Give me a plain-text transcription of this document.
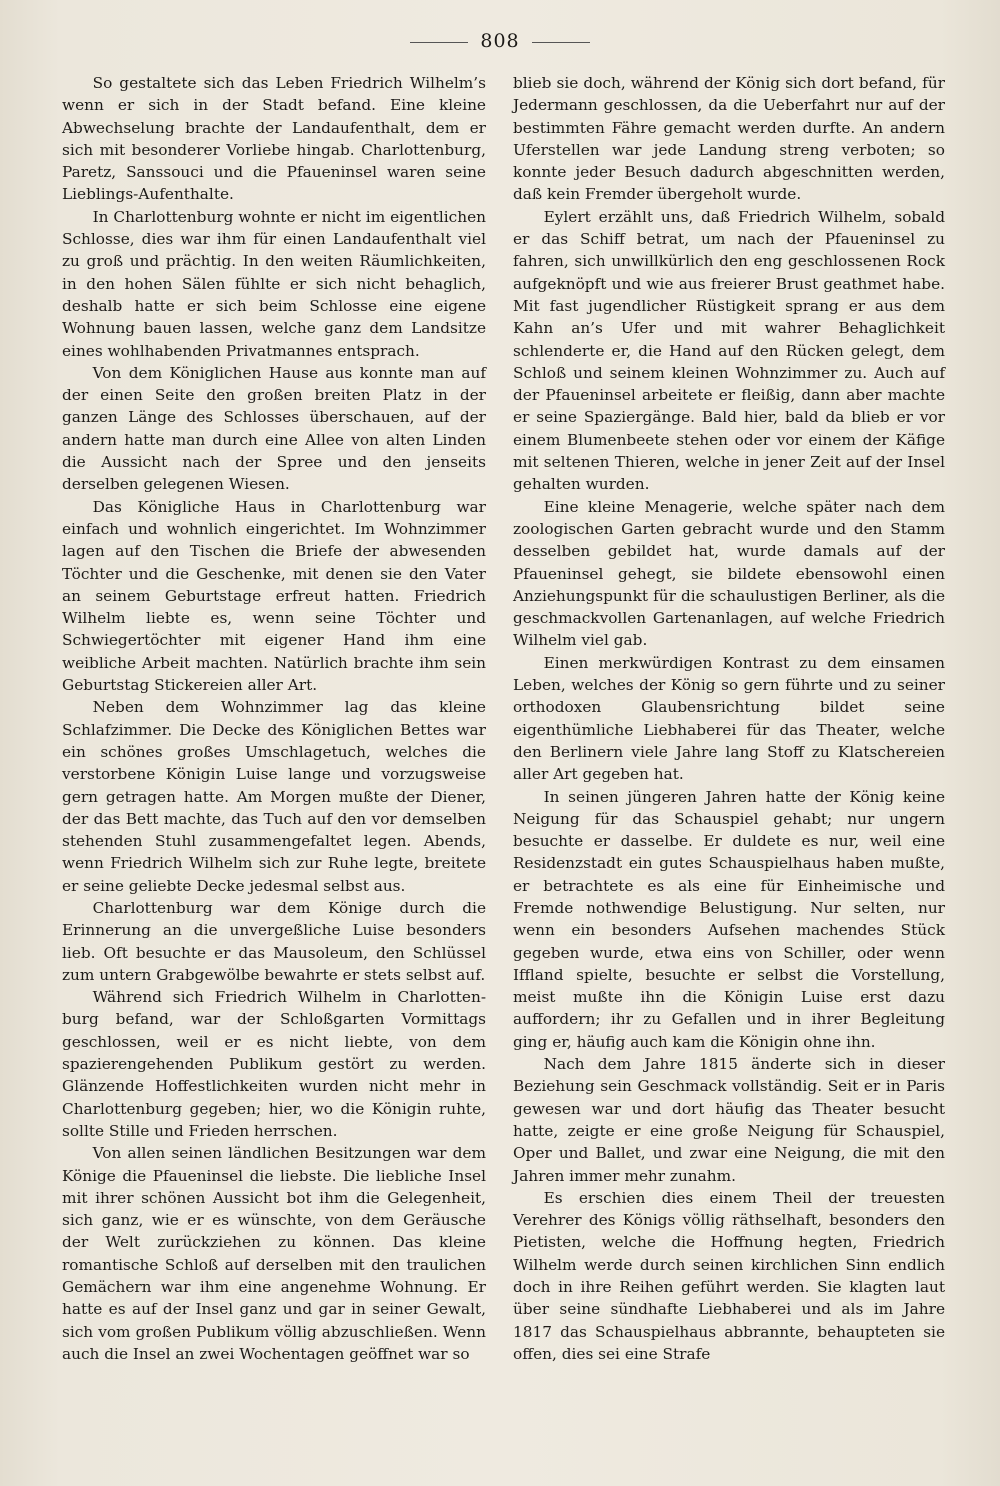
808

So gestaltete sich das Leben Friedrich Wilhelm’s wenn er sich in der Stadt befand. Eine kleine Abwechselung brachte der Landaufenthalt, dem er sich mit besonderer Vorliebe hingab. Charlottenburg, Paretz, Sanssouci und die Pfaueninsel waren seine Lieblings-Aufenthalte.

In Charlottenburg wohnte er nicht im eigentlichen Schlosse, dies war ihm für einen Landaufenthalt viel zu groß und prächtig. In den weiten Räumlichkeiten, in den hohen Sälen fühlte er sich nicht behaglich, deshalb hatte er sich beim Schlosse eine eigene Wohnung bauen lassen, welche ganz dem Landsitze eines wohlhabenden Privatmannes entsprach.

Von dem Königlichen Hause aus konnte man auf der einen Seite den großen breiten Platz in der ganzen Länge des Schlosses überschauen, auf der andern hatte man durch eine Allee von alten Linden die Aussicht nach der Spree und den jenseits derselben gelegenen Wiesen.

Das Königliche Haus in Charlottenburg war einfach und wohnlich eingerichtet. Im Wohnzimmer lagen auf den Tischen die Briefe der abwesenden Töchter und die Geschenke, mit denen sie den Vater an seinem Geburtstage erfreut hatten. Friedrich Wilhelm liebte es, wenn seine Töchter und Schwiegertöchter mit eigener Hand ihm eine weibliche Arbeit machten. Natürlich brachte ihm sein Geburtstag Stickereien aller Art.

Neben dem Wohnzimmer lag das kleine Schlafzimmer. Die Decke des Königlichen Bettes war ein schönes großes Umschlagetuch, welches die verstorbene Königin Luise lange und vorzugsweise gern getragen hatte. Am Morgen mußte der Diener, der das Bett machte, das Tuch auf den vor demselben stehenden Stuhl zusammengefaltet legen. Abends, wenn Friedrich Wilhelm sich zur Ruhe legte, breitete er seine geliebte Decke jedesmal selbst aus.

Charlottenburg war dem Könige durch die Erinnerung an die unvergeßliche Luise besonders lieb. Oft besuchte er das Mausoleum, den Schlüssel zum untern Grabgewölbe bewahrte er stets selbst auf.

Während sich Friedrich Wilhelm in Charlottenburg befand, war der Schloßgarten Vormittags geschlossen, weil er es nicht liebte, von dem spazierengehenden Publikum gestört zu werden. Glänzende Hoffestlichkeiten wurden nicht mehr in Charlottenburg gegeben; hier, wo die Königin ruhte, sollte Stille und Frieden herrschen.

Von allen seinen ländlichen Besitzungen war dem Könige die Pfaueninsel die liebste. Die liebliche Insel mit ihrer schönen Aussicht bot ihm die Gelegenheit, sich ganz, wie er es wünschte, von dem Geräusche der Welt zurückziehen zu können. Das kleine romantische Schloß auf derselben mit den traulichen Gemächern war ihm eine angenehme Wohnung. Er hatte es auf der Insel ganz und gar in seiner Gewalt, sich vom großen Publikum völlig abzuschließen. Wenn auch die Insel an zwei Wochentagen geöffnet war so

blieb sie doch, während der König sich dort befand, für Jedermann geschlossen, da die Ueberfahrt nur auf der bestimmten Fähre gemacht werden durfte. An andern Uferstellen war jede Landung streng verboten; so konnte jeder Besuch dadurch abgeschnitten werden, daß kein Fremder übergeholt wurde.

Eylert erzählt uns, daß Friedrich Wilhelm, sobald er das Schiff betrat, um nach der Pfaueninsel zu fahren, sich unwillkürlich den eng geschlossenen Rock aufgeknöpft und wie aus freierer Brust geathmet habe. Mit fast jugendlicher Rüstigkeit sprang er aus dem Kahn an’s Ufer und mit wahrer Behaglichkeit schlenderte er, die Hand auf den Rücken gelegt, dem Schloß und seinem kleinen Wohnzimmer zu. Auch auf der Pfaueninsel arbeitete er fleißig, dann aber machte er seine Spaziergänge. Bald hier, bald da blieb er vor einem Blumenbeete stehen oder vor einem der Käfige mit seltenen Thieren, welche in jener Zeit auf der Insel gehalten wurden.

Eine kleine Menagerie, welche später nach dem zoologischen Garten gebracht wurde und den Stamm desselben gebildet hat, wurde damals auf der Pfaueninsel gehegt, sie bildete ebensowohl einen Anziehungspunkt für die schaulustigen Berliner, als die geschmackvollen Gartenanlagen, auf welche Friedrich Wilhelm viel gab.

Einen merkwürdigen Kontrast zu dem einsamen Leben, welches der König so gern führte und zu seiner orthodoxen Glaubensrichtung bildet seine eigenthümliche Liebhaberei für das Theater, welche den Berlinern viele Jahre lang Stoff zu Klatschereien aller Art gegeben hat.

In seinen jüngeren Jahren hatte der König keine Neigung für das Schauspiel gehabt; nur ungern besuchte er dasselbe. Er duldete es nur, weil eine Residenzstadt ein gutes Schauspielhaus haben mußte, er betrachtete es als eine für Einheimische und Fremde nothwendige Belustigung. Nur selten, nur wenn ein besonders Aufsehen machendes Stück gegeben wurde, etwa eins von Schiller, oder wenn Iffland spielte, besuchte er selbst die Vorstellung, meist mußte ihn die Königin Luise erst dazu auffordern; ihr zu Gefallen und in ihrer Begleitung ging er, häufig auch kam die Königin ohne ihn.

Nach dem Jahre 1815 änderte sich in dieser Beziehung sein Geschmack vollständig. Seit er in Paris gewesen war und dort häufig das Theater besucht hatte, zeigte er eine große Neigung für Schauspiel, Oper und Ballet, und zwar eine Neigung, die mit den Jahren immer mehr zunahm.

Es erschien dies einem Theil der treuesten Verehrer des Königs völlig räthselhaft, besonders den Pietisten, welche die Hoffnung hegten, Friedrich Wilhelm werde durch seinen kirchlichen Sinn endlich doch in ihre Reihen geführt werden. Sie klagten laut über seine sündhafte Liebhaberei und als im Jahre 1817 das Schauspielhaus abbrannte, behaupteten sie offen, dies sei eine Strafe
